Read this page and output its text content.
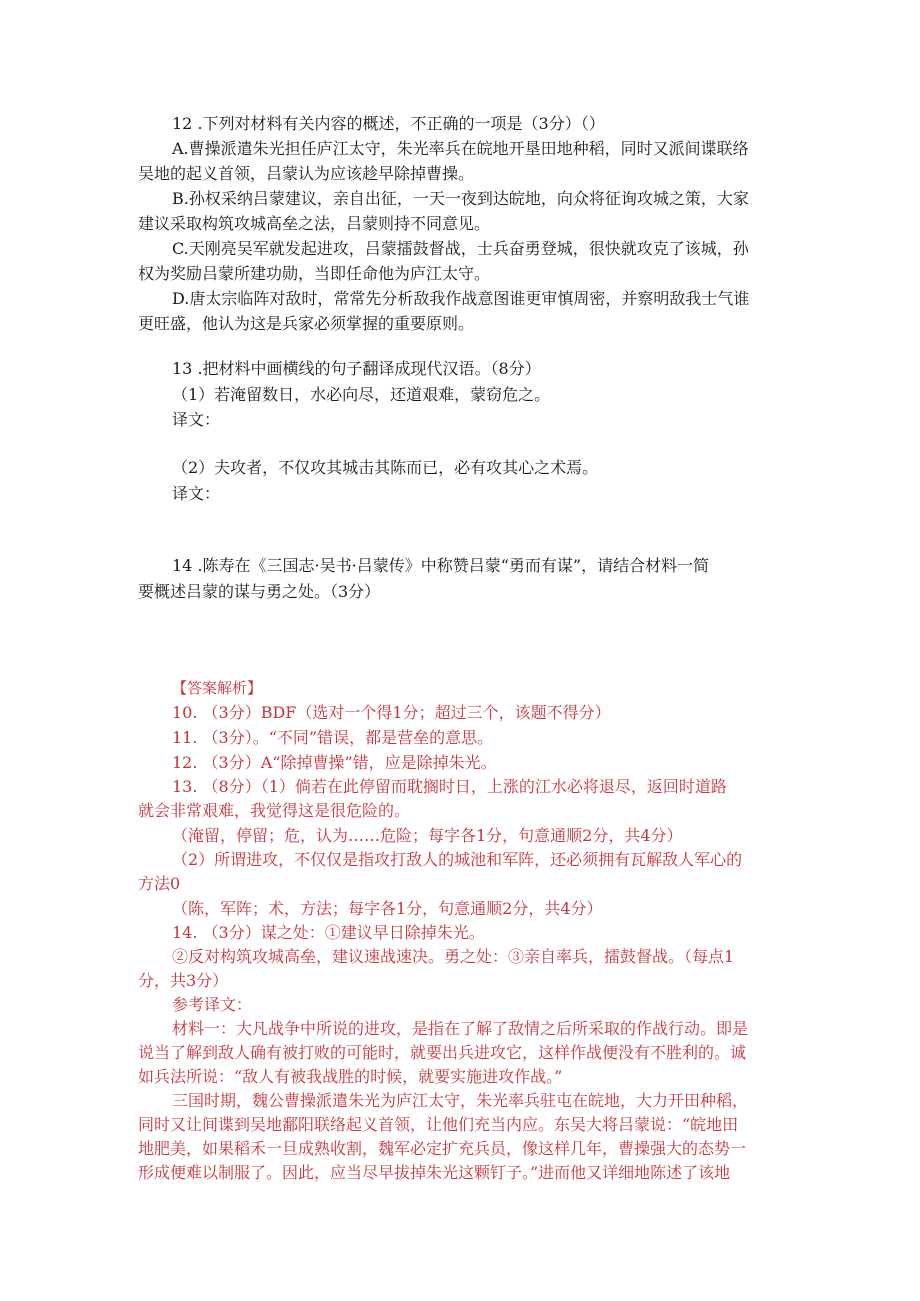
12 .下列对材料有关内容的概述，不正确的一项是（3分）（）
A.曹操派遣朱光担任庐江太守，朱光率兵在皖地开垦田地种稻，同时又派间谍联络
吴地的起义首领，吕蒙认为应该趁早除掉曹操。
B.孙权采纳吕蒙建议，亲自出征，一天一夜到达皖地，向众将征询攻城之策，大家
建议采取构筑攻城高垒之法，吕蒙则持不同意见。
C.天刚亮吴军就发起进攻，吕蒙擂鼓督战，士兵奋勇登城，很快就攻克了该城，孙
权为奖励吕蒙所建功勋，当即任命他为庐江太守。
D.唐太宗临阵对敌时，常常先分析敌我作战意图谁更审慎周密，并察明敌我士气谁
更旺盛，他认为这是兵家必须掌握的重要原则。
13 .把材料中画横线的句子翻译成现代汉语。（8分）
（1）若淹留数日，水必向尽，还道艰难，蒙窃危之。
译文：
（2）夫攻者，不仅攻其城击其陈而已，必有攻其心之术焉。
译文：
14 .陈寿在《三国志·吴书·吕蒙传》中称赞吕蒙“勇而有谋”，请结合材料一简
要概述吕蒙的谋与勇之处。（3分）
【答案解析】
10. （3分）BDF（选对一个得1分；超过三个，该题不得分）
11. （3分）。“不同”错误，都是营垒的意思。
12. （3分）A“除掉曹操”错，应是除掉朱光。
13. （8分）（1）倘若在此停留而耽搁时日，上涨的江水必将退尽，返回时道路
就会非常艰难，我觉得这是很危险的。
（淹留，停留；危，认为……危险；每字各1分，句意通顺2分，共4分）
（2）所谓进攻，不仅仅是指攻打敌人的城池和军阵，还必须拥有瓦解敌人军心的
方法0
（陈，军阵；术，方法；每字各1分，句意通顺2分，共4分）
14. （3分）谋之处：①建议早日除掉朱光。
②反对构筑攻城高垒，建议速战速决。勇之处：③亲自率兵，擂鼓督战。（每点1
分，共3分）
参考译文：
材料一：大凡战争中所说的进攻，是指在了解了敌情之后所采取的作战行动。即是
说当了解到敌人确有被打败的可能时，就要出兵进攻它，这样作战便没有不胜利的。诚
如兵法所说：“敌人有被我战胜的时候，就要实施进攻作战。”
三国时期，魏公曹操派遣朱光为庐江太守，朱光率兵驻屯在皖地，大力开田种稻，
同时又让间谍到吴地鄱阳联络起义首领，让他们充当内应。东吴大将吕蒙说：“皖地田
地肥美，如果稻禾一旦成熟收割，魏军必定扩充兵员，像这样几年，曹操强大的态势一
形成便难以制服了。因此，应当尽早拔掉朱光这颗钉子。”进而他又详细地陈述了该地
